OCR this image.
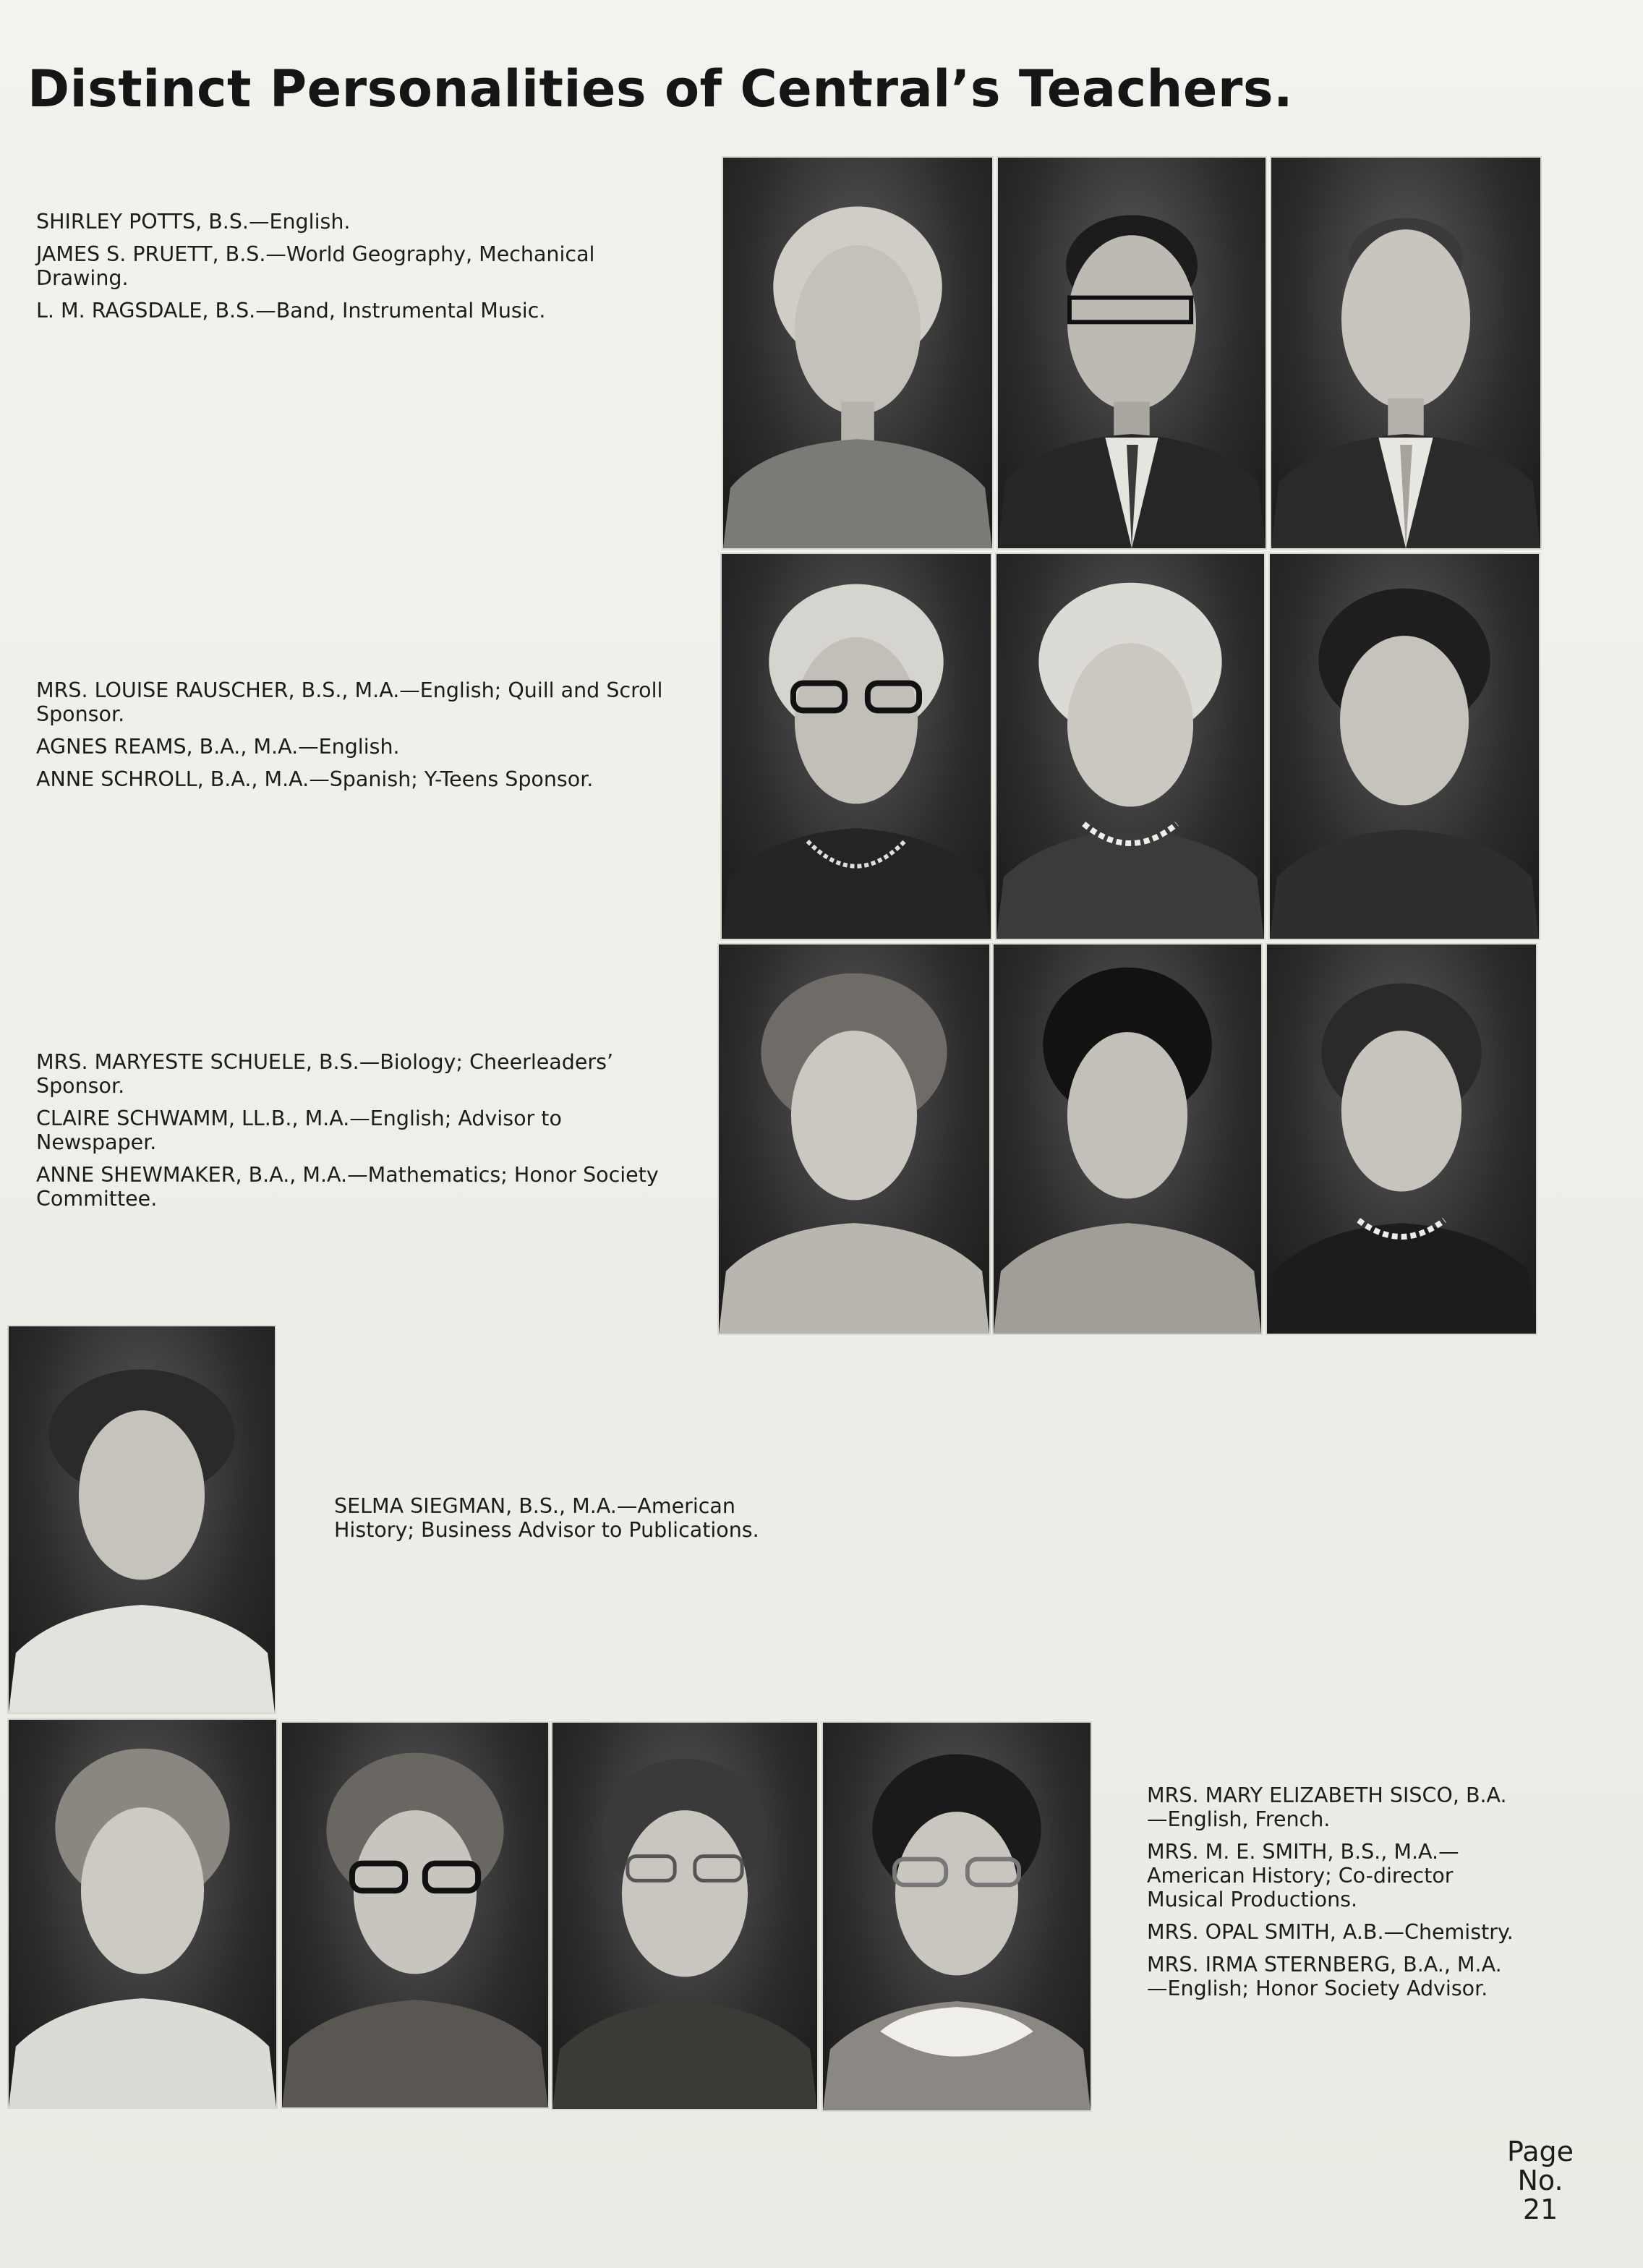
Distinct Personalities of Central’s Teachers.

SHIRLEY POTTS, B.S.—English.

JAMES S. PRUETT, B.S.—World Geography, Mechanical Drawing.

L. M. RAGSDALE, B.S.—Band, Instrumental Music.

MRS. LOUISE RAUSCHER, B.S., M.A.—English; Quill and Scroll Sponsor.

AGNES REAMS, B.A., M.A.—English.

ANNE SCHROLL, B.A., M.A.—Spanish; Y-Teens Sponsor.

MRS. MARYESTE SCHUELE, B.S.—Biology; Cheerleaders’ Sponsor.

CLAIRE SCHWAMM, LL.B., M.A.—English; Advisor to Newspaper.

ANNE SHEWMAKER, B.A., M.A.—Mathematics; Honor Society Committee.

SELMA SIEGMAN, B.S., M.A.—American History; Business Advisor to Publications.

MRS. MARY ELIZABETH SISCO, B.A. —English, French.

MRS. M. E. SMITH, B.S., M.A.— American History; Co-director Musical Productions.

MRS. OPAL SMITH, A.B.—Chemistry.

MRS. IRMA STERNBERG, B.A., M.A. —English; Honor Society Advisor.

Page
No.
21
